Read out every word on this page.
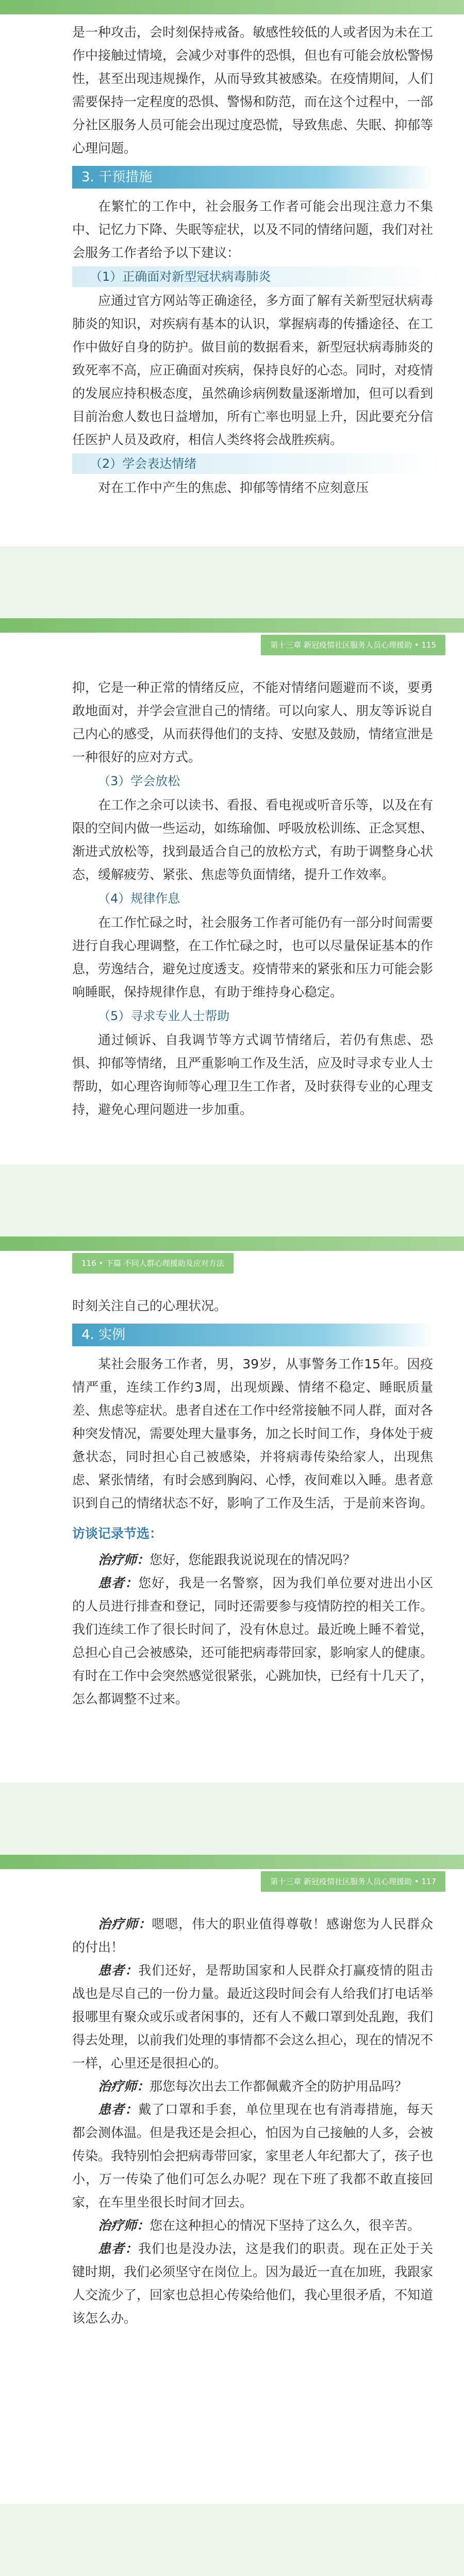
是一种攻击，会时刻保持戒备。敏感性较低的人或者因为未在工作中接触过情境，会减少对事件的恐惧，但也有可能会放松警惕性，甚至出现违规操作，从而导致其被感染。在疫情期间，人们需要保持一定程度的恐惧、警惕和防范，而在这个过程中，一部分社区服务人员可能会出现过度恐慌，导致焦虑、失眠、抑郁等心理问题。

3. 干预措施

在繁忙的工作中，社会服务工作者可能会出现注意力不集中、记忆力下降、失眠等症状，以及不同的情绪问题，我们对社会服务工作者给予以下建议：

（1）正确面对新型冠状病毒肺炎

应通过官方网站等正确途径，多方面了解有关新型冠状病毒肺炎的知识，对疾病有基本的认识，掌握病毒的传播途径、在工作中做好自身的防护。做目前的数据看来，新型冠状病毒肺炎的致死率不高，应正确面对疾病，保持良好的心态。同时，对疫情的发展应持积极态度，虽然确诊病例数量逐渐增加，但可以看到目前治愈人数也日益增加，所有亡率也明显上升，因此要充分信任医护人员及政府，相信人类终将会战胜疾病。

（2）学会表达情绪

对在工作中产生的焦虑、抑郁等情绪不应刻意压

第十三章 新冠疫情社区服务人员心理援助 • 115

抑，它是一种正常的情绪反应，不能对情绪问题避而不谈，要勇敢地面对，并学会宣泄自己的情绪。可以向家人、朋友等诉说自己内心的感受，从而获得他们的支持、安慰及鼓励，情绪宣泄是一种很好的应对方式。

（3）学会放松

在工作之余可以读书、看报、看电视或听音乐等，以及在有限的空间内做一些运动，如练瑜伽、呼吸放松训练、正念冥想、渐进式放松等，找到最适合自己的放松方式，有助于调整身心状态，缓解疲劳、紧张、焦虑等负面情绪，提升工作效率。

（4）规律作息

在工作忙碌之时，社会服务工作者可能仍有一部分时间需要进行自我心理调整，在工作忙碌之时，也可以尽量保证基本的作息，劳逸结合，避免过度透支。疫情带来的紧张和压力可能会影响睡眠，保持规律作息，有助于维持身心稳定。

（5）寻求专业人士帮助

通过倾诉、自我调节等方式调节情绪后，若仍有焦虑、恐惧、抑郁等情绪，且严重影响工作及生活，应及时寻求专业人士帮助，如心理咨询师等心理卫生工作者，及时获得专业的心理支持，避免心理问题进一步加重。

116 • 下篇 不同人群心理援助及应对方法

时刻关注自己的心理状况。

4. 实例

某社会服务工作者，男，39岁，从事警务工作15年。因疫情严重，连续工作约3周，出现烦躁、情绪不稳定、睡眠质量差、焦虑等症状。患者自述在工作中经常接触不同人群，面对各种突发情况，需要处理大量事务，加之长时间工作，身体处于疲惫状态，同时担心自己被感染，并将病毒传染给家人，出现焦虑、紧张情绪，有时会感到胸闷、心悸，夜间难以入睡。患者意识到自己的情绪状态不好，影响了工作及生活，于是前来咨询。

访谈记录节选：

治疗师：您好，您能跟我说说现在的情况吗？

患者：您好，我是一名警察，因为我们单位要对进出小区的人员进行排查和登记，同时还需要参与疫情防控的相关工作。我们连续工作了很长时间了，没有休息过。最近晚上睡不着觉，总担心自己会被感染，还可能把病毒带回家，影响家人的健康。有时在工作中会突然感觉很紧张，心跳加快，已经有十几天了，怎么都调整不过来。

第十三章 新冠疫情社区服务人员心理援助 • 117

治疗师：嗯嗯，伟大的职业值得尊敬！感谢您为人民群众的付出！

患者：我们还好，是帮助国家和人民群众打赢疫情的阻击战也是尽自己的一份力量。最近这段时间会有人给我们打电话举报哪里有聚众或乐或者闲事的，还有人不戴口罩到处乱跑，我们得去处理，以前我们处理的事情都不会这么担心，现在的情况不一样，心里还是很担心的。

治疗师：那您每次出去工作都佩戴齐全的防护用品吗？

患者：戴了口罩和手套，单位里现在也有消毒措施，每天都会测体温。但是我还是会担心，怕因为自己接触的人多，会被传染。我特别怕会把病毒带回家，家里老人年纪都大了，孩子也小，万一传染了他们可怎么办呢？现在下班了我都不敢直接回家，在车里坐很长时间才回去。

治疗师：您在这种担心的情况下坚持了这么久，很辛苦。

患者：我们也是没办法，这是我们的职责。现在正处于关键时期，我们必须坚守在岗位上。因为最近一直在加班，我跟家人交流少了，回家也总担心传染给他们，我心里很矛盾，不知道该怎么办。
